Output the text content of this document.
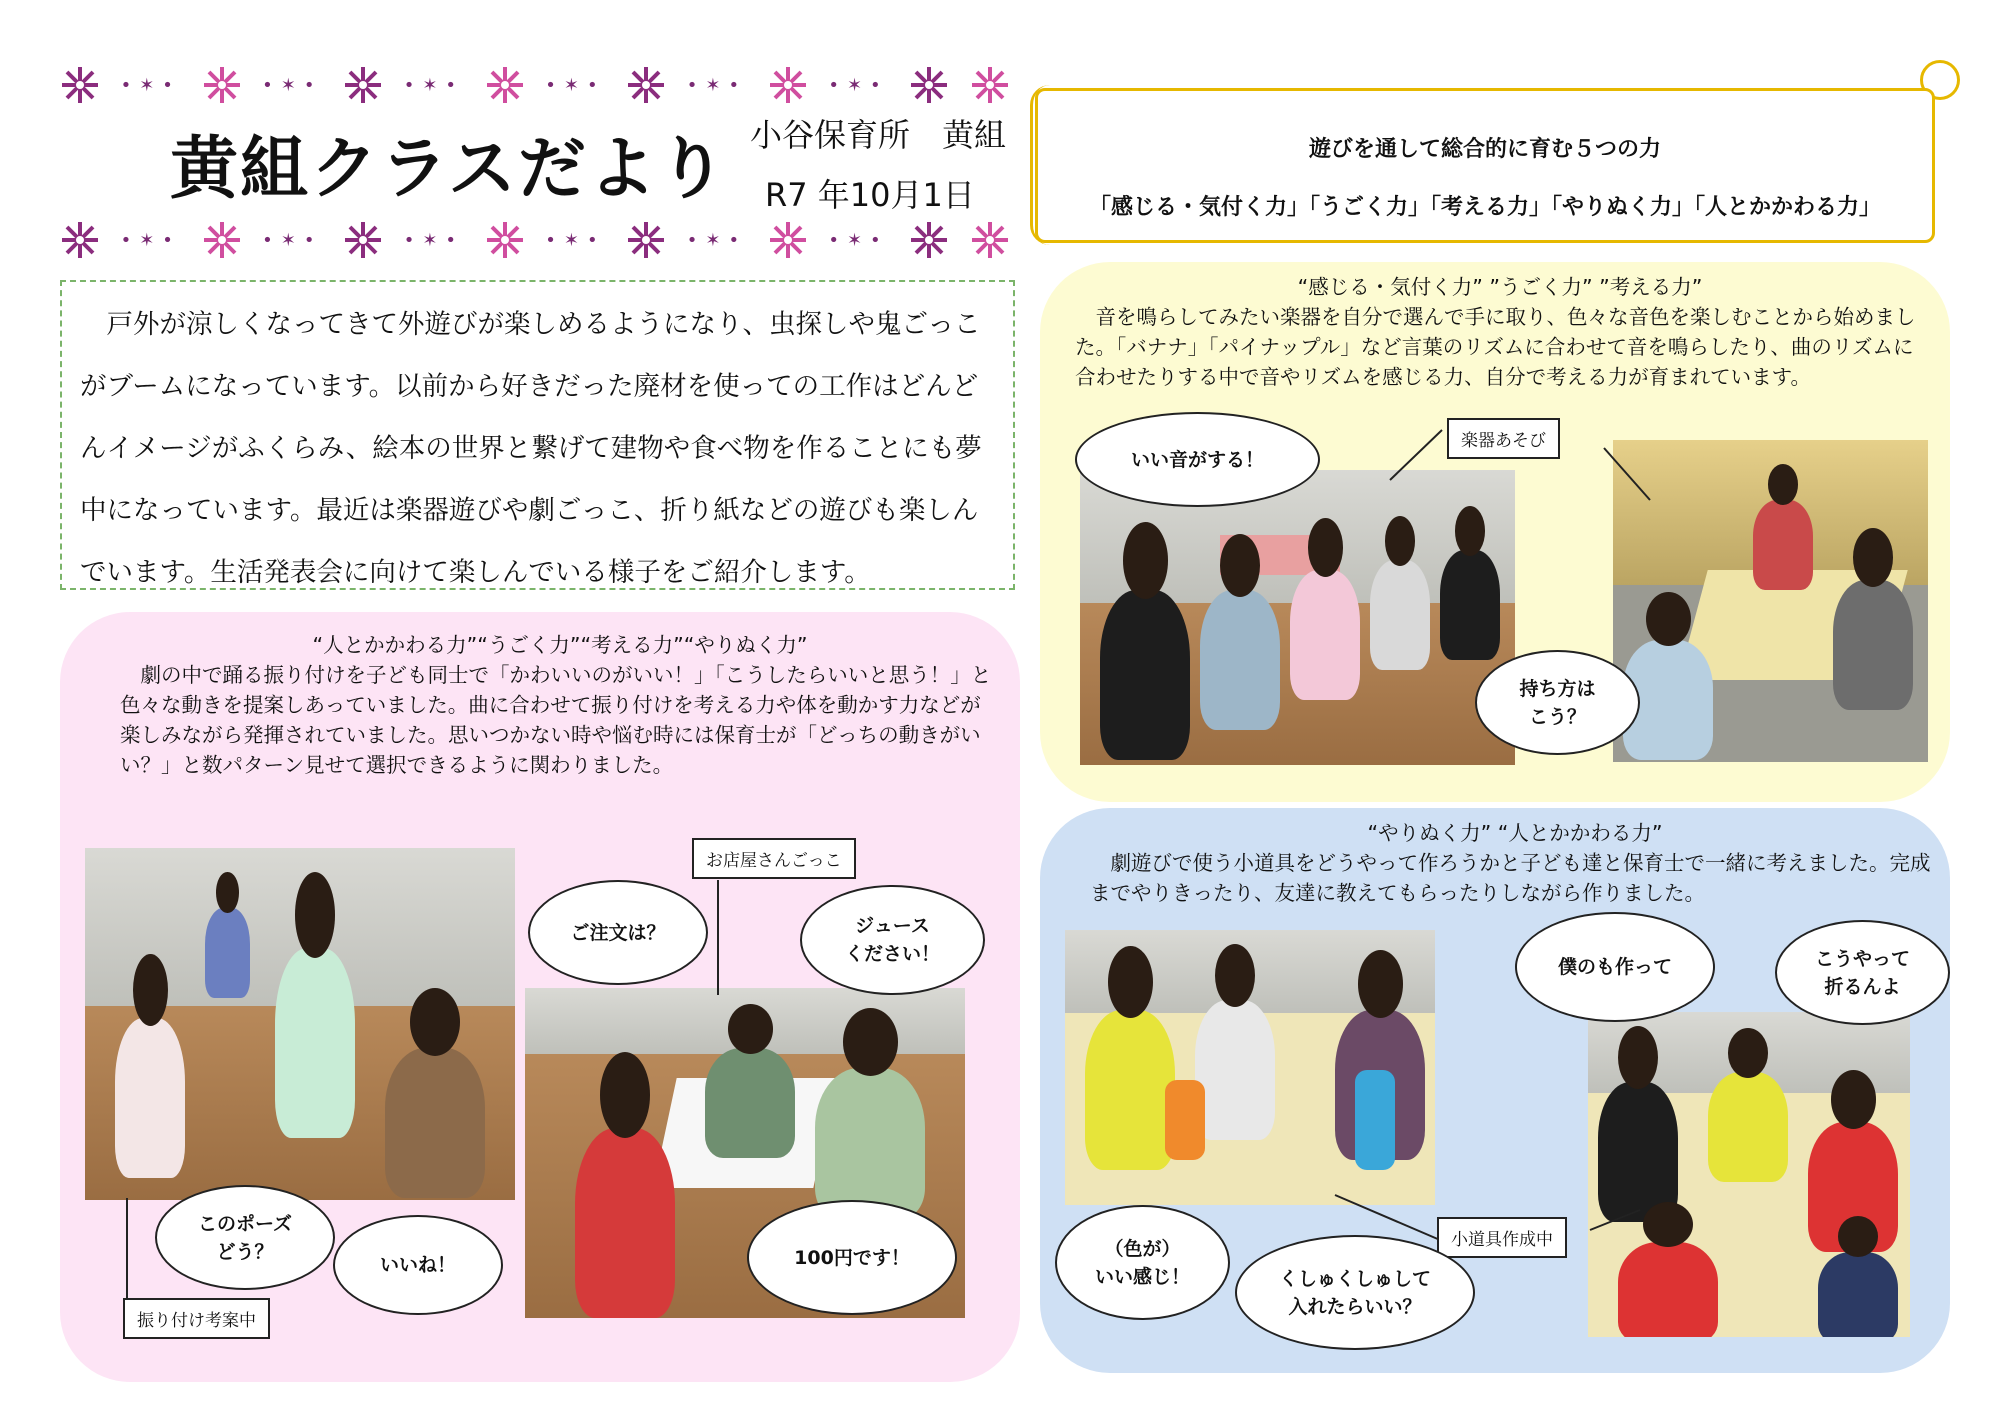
•✶•	•✶•	•✶•	•✶•	•✶•	•✶•
黄組クラスだより 小谷保育所　黄組
R7 年10月1日
•✶•	•✶•	•✶•	•✶•	•✶•	•✶•
戸外が涼しくなってきて外遊びが楽しめるようになり、虫探しや鬼ごっこがブームになっています。以前から好きだった廃材を使っての工作はどんどんイメージがふくらみ、絵本の世界と繋げて建物や食べ物を作ることにも夢中になっています。最近は楽器遊びや劇ごっこ、折り紙などの遊びも楽しんでいます。生活発表会に向けて楽しんでいる様子をご紹介します。
遊びを通して総合的に育む５つの力
「感じる・気付く力」「うごく力」「考える力」「やりぬく力」「人とかかわる力」
“人とかかわる力”“うごく力”“考える力”“やりぬく力”
劇の中で踊る振り付けを子ども同士で「かわいいのがいい！」「こうしたらいいと思う！」と色々な動きを提案しあっていました。曲に合わせて振り付けを考える力や体を動かす力などが楽しみながら発揮されていました。思いつかない時や悩む時には保育士が「どっちの動きがいい？」と数パターン見せて選択できるように関わりました。
“感じる・気付く力” ”うごく力” ”考える力”
音を鳴らしてみたい楽器を自分で選んで手に取り、色々な音色を楽しむことから始めました。「バナナ」「パイナップル」など言葉のリズムに合わせて音を鳴らしたり、曲のリズムに合わせたりする中で音やリズムを感じる力、自分で考える力が育まれています。
“やりぬく力” “人とかかわる力”
劇遊びで使う小道具をどうやって作ろうかと子ども達と保育士で一緒に考えました。完成までやりきったり、友達に教えてもらったりしながら作りました。
振り付け考案中
お店屋さんごっこ
楽器あそび
小道具作成中
このポーズ
どう？
いいね！
ご注文は？	ジュース
ください！
100円です！
いい音がする！
持ち方は
こう？
僕のも作って	こうやって
折るんよ
（色が）
いい感じ！	くしゅくしゅして
入れたらいい？
